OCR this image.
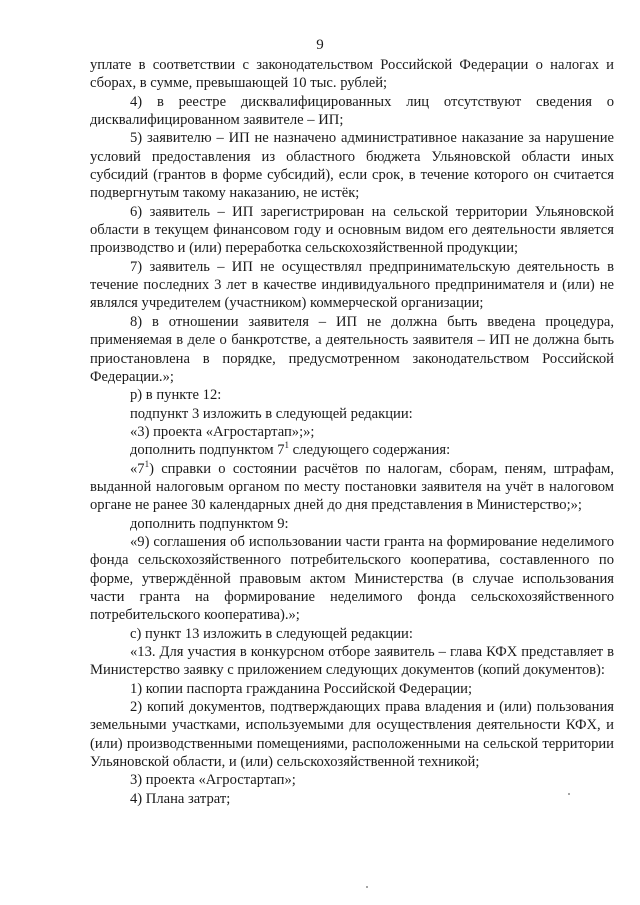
9

уплате в соответствии с законодательством Российской Федерации о налогах и сборах, в сумме, превышающей 10 тыс. рублей;

4) в реестре дисквалифицированных лиц отсутствуют сведения о дисквалифицированном заявителе – ИП;

5) заявителю – ИП не назначено административное наказание за нарушение условий предоставления из областного бюджета Ульяновской области иных субсидий (грантов в форме субсидий), если срок, в течение которого он считается подвергнутым такому наказанию, не истёк;

6) заявитель – ИП зарегистрирован на сельской территории Ульяновской области в текущем финансовом году и основным видом его деятельности является производство и (или) переработка сельскохозяйственной продукции;

7) заявитель – ИП не осуществлял предпринимательскую деятельность в течение последних 3 лет в качестве индивидуального предпринимателя и (или) не являлся учредителем (участником) коммерческой организации;

8) в отношении заявителя – ИП не должна быть введена процедура, применяемая в деле о банкротстве, а деятельность заявителя – ИП не должна быть приостановлена в порядке, предусмотренном законодательством Российской Федерации.»;

р) в пункте 12:

подпункт 3 изложить в следующей редакции:

«3) проекта «Агростартап»;»;

дополнить подпунктом $7^1$ следующего содержания:

«$7^1$) справки о состоянии расчётов по налогам, сборам, пеням, штрафам, выданной налоговым органом по месту постановки заявителя на учёт в налоговом органе не ранее 30 календарных дней до дня представления в Министерство;»;

дополнить подпунктом 9:

«9) соглашения об использовании части гранта на формирование неделимого фонда сельскохозяйственного потребительского кооператива, составленного по форме, утверждённой правовым актом Министерства (в случае использования части гранта на формирование неделимого фонда сельскохозяйственного потребительского кооператива).»;

с) пункт 13 изложить в следующей редакции:

«13. Для участия в конкурсном отборе заявитель – глава КФХ представляет в Министерство заявку с приложением следующих документов (копий документов):

1) копии паспорта гражданина Российской Федерации;

2) копий документов, подтверждающих права владения и (или) пользования земельными участками, используемыми для осуществления деятельности КФХ, и (или) производственными помещениями, расположенными на сельской территории Ульяновской области, и (или) сельскохозяйственной техникой;

3) проекта «Агростартап»;

4) Плана затрат;
